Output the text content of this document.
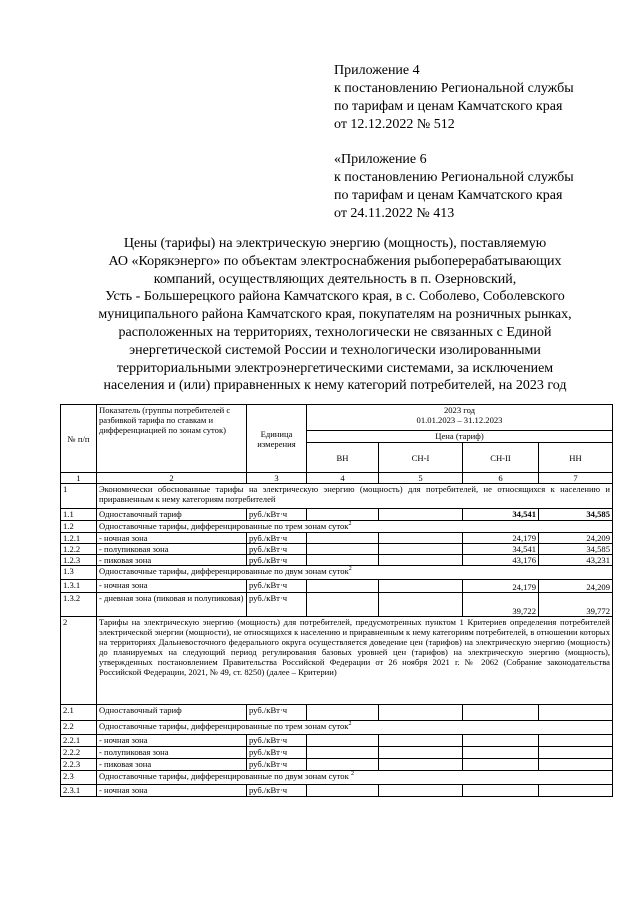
Приложение 4
к постановлению Региональной службы
по тарифам и ценам Камчатского края
от 12.12.2022 № 512
«Приложение 6
к постановлению Региональной службы
по тарифам и ценам Камчатского края
от 24.11.2022 № 413
Цены (тарифы) на электрическую энергию (мощность), поставляемую
АО «Корякэнерго» по объектам электроснабжения рыбоперерабатывающих
компаний, осуществляющих деятельность в п. Озерновский,
Усть - Большерецкого района Камчатского края, в с. Соболево, Соболевского
муниципального района Камчатского края, покупателям на розничных рынках,
расположенных на территориях, технологически не связанных с Единой
энергетической системой России и технологически изолированными
территориальными электроэнергетическими системами, за исключением
населения и (или) приравненных к нему категорий потребителей, на 2023 год
№ п/п	Показатель (группы потребителей с разбивкой тарифа по ставкам и дифференциацией по зонам суток)	Единица измерения	2023 год
01.01.2023 – 31.12.2023			

			Цена (тариф)			
			ВН	СН-I	СН-II	НН
1	2	3	4	5	6	7
1	Экономически обоснованные тарифы на электрическую энергию (мощность) для потребителей, не относящихся к населению и приравненным к нему категориям потребителей					
1.1	Одноставочный тариф	руб./кВт·ч			34,541	34,585
1.2	Одноставочные тарифы, дифференцированные по трем зонам суток$^2$
1.2.1	- ночная зона	руб./кВт·ч			24,179	24,209
1.2.2	- полупиковая зона	руб./кВт·ч			34,541	34,585
1.2.3	- пиковая зона	руб./кВт·ч			43,176	43,231
1.3	Одноставочные тарифы, дифференцированные по двум зонам суток$^2$
1.3.1	- ночная зона	руб./кВт·ч			24,179	24,209
1.3.2	- дневная зона (пиковая и полупиковая)	руб./кВт·ч			39,722	39,772
2	Тарифы на электрическую энергию (мощность) для потребителей, предусмотренных пунктом 1 Критериев определения потребителей электрической энергии (мощности), не относящихся к населению и приравненным к нему категориям потребителей, в отношении которых на территориях Дальневосточного федерального округа осуществляется доведение цен (тарифов) на электрическую энергию (мощность) до планируемых на следующий период регулирования базовых уровней цен (тарифов) на электрическую энергию (мощность), утвержденных постановлением Правительства Российской Федерации от 26 ноября 2021 г. № 2062 (Собрание законодательства Российской Федерации, 2021, № 49, ст. 8250) (далее – Критерии)					
2.1	Одноставочный тариф	руб./кВт·ч				
2.2	Одноставочные тарифы, дифференцированные по трем зонам суток$^2$
2.2.1	- ночная зона	руб./кВт·ч				
2.2.2	- полупиковая зона	руб./кВт·ч				
2.2.3	- пиковая зона	руб./кВт·ч				
2.3	Одноставочные тарифы, дифференцированные по двум зонам суток $^2$
2.3.1	- ночная зона	руб./кВт·ч				
